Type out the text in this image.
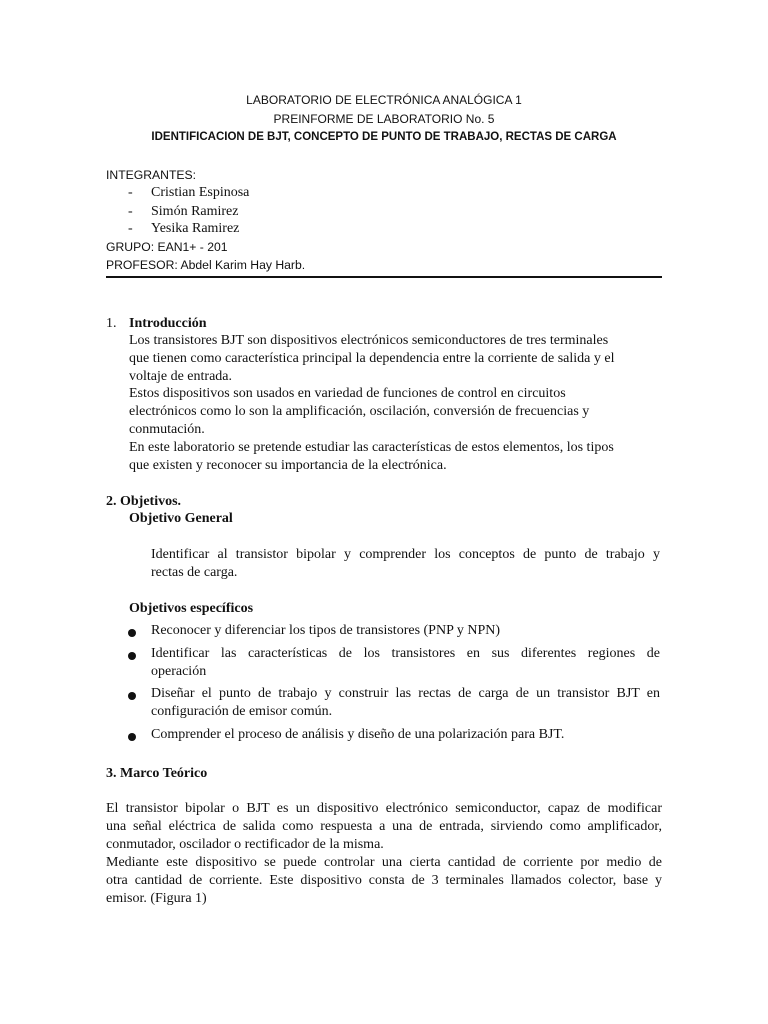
LABORATORIO DE ELECTRÓNICA ANALÓGICA 1
PREINFORME DE LABORATORIO No. 5
IDENTIFICACION DE BJT, CONCEPTO DE PUNTO DE TRABAJO, RECTAS DE CARGA
INTEGRANTES:
- Cristian Espinosa
- Simón Ramirez
- Yesika Ramirez
GRUPO: EAN1+ - 201
PROFESOR: Abdel Karim Hay Harb.
1. Introducción
Los transistores BJT son dispositivos electrónicos semiconductores de tres terminales
que tienen como característica principal la dependencia entre la corriente de salida y el
voltaje de entrada.
Estos dispositivos son usados en variedad de funciones de control en circuitos
electrónicos como lo son la amplificación, oscilación, conversión de frecuencias y
conmutación.
En este laboratorio se pretende estudiar las características de estos elementos, los tipos
que existen y reconocer su importancia de la electrónica.
2. Objetivos.
Objetivo General
Identificar al transistor bipolar y comprender los conceptos de punto de trabajo y
rectas de carga.
Objetivos específicos
Reconocer y diferenciar los tipos de transistores (PNP y NPN)
Identificar las características de los transistores en sus diferentes regiones de
operación
Diseñar el punto de trabajo y construir las rectas de carga de un transistor BJT en
configuración de emisor común.
Comprender el proceso de análisis y diseño de una polarización para BJT.
3. Marco Teórico
El transistor bipolar o BJT es un dispositivo electrónico semiconductor, capaz de modificar
una señal eléctrica de salida como respuesta a una de entrada, sirviendo como amplificador,
conmutador, oscilador o rectificador de la misma.
Mediante este dispositivo se puede controlar una cierta cantidad de corriente por medio de
otra cantidad de corriente. Este dispositivo consta de 3 terminales llamados colector, base y
emisor. (Figura 1)
